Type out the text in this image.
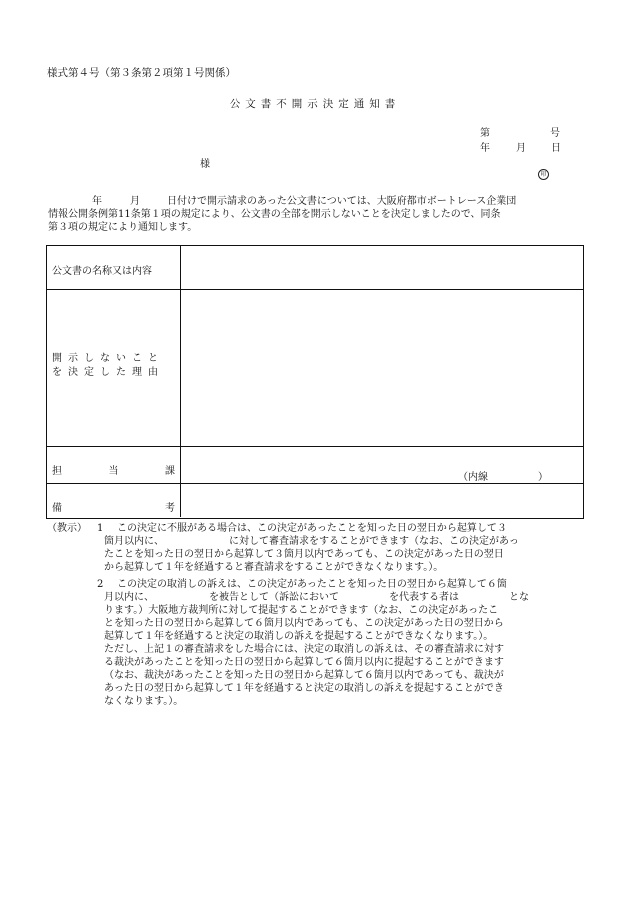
様式第４号（第３条第２項第１号関係）
公文書不開示決定通知書
第	号
年	月	日
様
印
年	月	日付けで開示請求のあった公文書については、大阪府都市ボートレース企業団
情報公開条例第11条第１項の規定により、公文書の全部を開示しないことを決定しましたので、同条
第３項の規定により通知します。
公文書の名称又は内容
開示しないこと
を決定した理由
担	当	課
（内線　　　　　）
備	考
（教示） 1 この決定に不服がある場合は、この決定があったことを知った日の翌日から起算して３
箇月以内に、　　　　　　　に対して審査請求をすることができます（なお、この決定があっ
たことを知った日の翌日から起算して３箇月以内であっても、この決定があった日の翌日
から起算して１年を経過すると審査請求をすることができなくなります。）。
2 この決定の取消しの訴えは、この決定があったことを知った日の翌日から起算して６箇
月以内に、　　　　　　を被告として（訴訟において　　　　　を代表する者は　　　　　とな
ります。）大阪地方裁判所に対して提起することができます（なお、この決定があったこ
とを知った日の翌日から起算して６箇月以内であっても、この決定があった日の翌日から
起算して１年を経過すると決定の取消しの訴えを提起することができなくなります。）。
ただし、上記１の審査請求をした場合には、決定の取消しの訴えは、その審査請求に対す
る裁決があったことを知った日の翌日から起算して６箇月以内に提起することができます
（なお、裁決があったことを知った日の翌日から起算して６箇月以内であっても、裁決が
あった日の翌日から起算して１年を経過すると決定の取消しの訴えを提起することができ
なくなります。）。
